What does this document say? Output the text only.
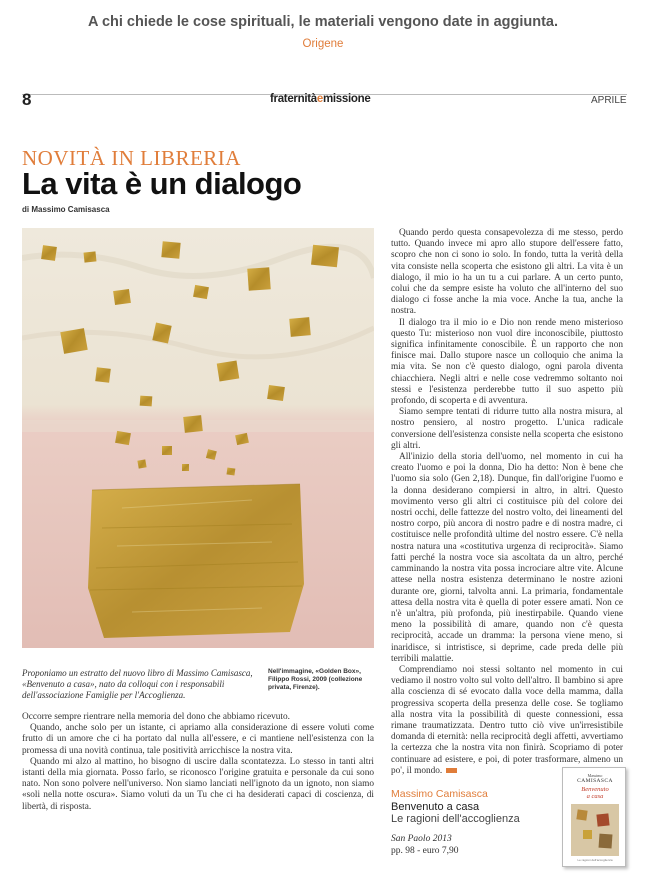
A chi chiede le cose spirituali, le materiali vengono date in aggiunta.
Origene
8	fraternitàemissione	APRILE
NOVITÀ IN LIBRERIA
La vita è un dialogo
di Massimo Camisasca
Proponiamo un estratto del nuovo libro di Massimo Camisasca, «Benvenuto a casa», nato da colloqui con i responsabili dell'associazione Famiglie per l'Accoglienza.
Nell'immagine, «Golden Box», Filippo Rossi, 2009 (collezione privata, Firenze).

Occorre sempre rientrare nella memoria del dono che abbiamo ricevuto.

Quando, anche solo per un istante, ci apriamo alla considerazione di essere voluti come frutto di un amore che ci ha portato dal nulla all'essere, e ci mantiene nell'esistenza con la promessa di una novità continua, tale positività arricchisce la nostra vita.

Quando mi alzo al mattino, ho bisogno di uscire dalla scontatezza. Lo stesso in tanti altri istanti della mia giornata. Posso farlo, se riconosco l'origine gratuita e personale da cui sono nato. Non sono polvere nell'universo. Non siamo lanciati nell'ignoto da un ignoto, non siamo «soli nella notte oscura». Siamo voluti da un Tu che ci ha desiderati capaci di coscienza, di libertà, di risposta.

Quando perdo questa consapevolezza di me stesso, perdo tutto. Quando invece mi apro allo stupore dell'essere fatto, scopro che non ci sono io solo. In fondo, tutta la verità della vita consiste nella scoperta che esistono gli altri. La vita è un dialogo, il mio io ha un tu a cui parlare. A un certo punto, colui che da sempre esiste ha voluto che all'interno del suo dialogo ci fosse anche la mia voce. Anche la tua, anche la nostra.

Il dialogo tra il mio io e Dio non rende meno misterioso questo Tu: misterioso non vuol dire inconoscibile, piuttosto significa infinitamente conoscibile. È un rapporto che non finisce mai. Dallo stupore nasce un colloquio che anima la mia vita. Se non c'è questo dialogo, ogni parola diventa chiacchiera. Negli altri e nelle cose vedremmo soltanto noi stessi e l'esistenza perderebbe tutto il suo aspetto più profondo, di scoperta e di avventura.

Siamo sempre tentati di ridurre tutto alla nostra misura, al nostro pensiero, al nostro progetto. L'unica radicale conversione dell'esistenza consiste nella scoperta che esistono gli altri.

All'inizio della storia dell'uomo, nel momento in cui ha creato l'uomo e poi la donna, Dio ha detto: Non è bene che l'uomo sia solo (Gen 2,18). Dunque, fin dall'origine l'uomo e la donna desiderano compiersi in altro, in altri. Questo movimento verso gli altri ci costituisce più del colore dei nostri occhi, delle fattezze del nostro volto, dei lineamenti del nostro corpo, più ancora di nostro padre e di nostra madre, ci costituisce nelle profondità ultime del nostro essere. C'è nella nostra natura una «costitutiva urgenza di reciprocità». Siamo fatti perché la nostra voce sia ascoltata da un altro, perché camminando la nostra vita possa incrociare altre vite. Alcune attese nella nostra esistenza determinano le nostre azioni durante ore, giorni, talvolta anni. La primaria, fondamentale attesa della nostra vita è quella di poter essere amati. Non ce n'è un'altra, più profonda, più inestirpabile. Quando viene meno la possibilità di amare, quando non c'è questa reciprocità, accade un dramma: la persona viene meno, si inaridisce, si intristisce, si deprime, cade preda delle più terribili malattie.

Comprendiamo noi stessi soltanto nel momento in cui vediamo il nostro volto sul volto dell'altro. Il bambino si apre alla coscienza di sé evocato dalla voce della mamma, dalla progressiva scoperta della presenza delle cose. Se togliamo alla nostra vita la possibilità di queste connessioni, essa rimane traumatizzata. Dentro tutto ciò vive un'irresistibile domanda di eternità: nella reciprocità degli affetti, avvertiamo la certezza che la nostra vita non finirà. Scopriamo di poter continuare ad esistere, e poi, di poter trasformare, almeno un po', il mondo.

Massimo Camisasca
Benvenuto a casa
Le ragioni dell'accoglienza
San Paolo 2013
pp. 98 - euro 7,90
Massimo
CAMISASCA
Benvenuto
a casa
Le ragioni dell'accoglienza
